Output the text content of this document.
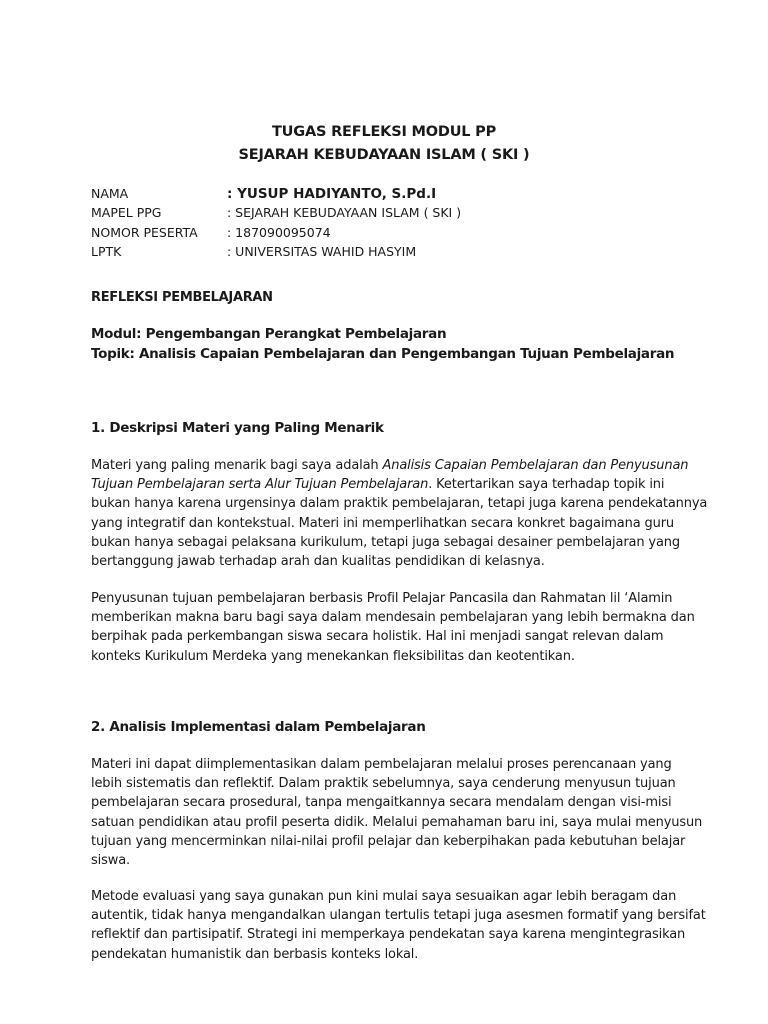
TUGAS REFLEKSI MODUL PP
SEJARAH KEBUDAYAAN ISLAM ( SKI )
NAMA	: YUSUP HADIYANTO, S.Pd.I
MAPEL PPG	: SEJARAH KEBUDAYAAN ISLAM ( SKI )
NOMOR PESERTA : 187090095074
LPTK	: UNIVERSITAS WAHID HASYIM
REFLEKSI PEMBELAJARAN
Modul: Pengembangan Perangkat Pembelajaran
Topik: Analisis Capaian Pembelajaran dan Pengembangan Tujuan Pembelajaran
1. Deskripsi Materi yang Paling Menarik
Materi yang paling menarik bagi saya adalah Analisis Capaian Pembelajaran dan Penyusunan
Tujuan Pembelajaran serta Alur Tujuan Pembelajaran. Ketertarikan saya terhadap topik ini
bukan hanya karena urgensinya dalam praktik pembelajaran, tetapi juga karena pendekatannya
yang integratif dan kontekstual. Materi ini memperlihatkan secara konkret bagaimana guru
bukan hanya sebagai pelaksana kurikulum, tetapi juga sebagai desainer pembelajaran yang
bertanggung jawab terhadap arah dan kualitas pendidikan di kelasnya.
Penyusunan tujuan pembelajaran berbasis Profil Pelajar Pancasila dan Rahmatan lil ‘Alamin
memberikan makna baru bagi saya dalam mendesain pembelajaran yang lebih bermakna dan
berpihak pada perkembangan siswa secara holistik. Hal ini menjadi sangat relevan dalam
konteks Kurikulum Merdeka yang menekankan fleksibilitas dan keotentikan.
2. Analisis Implementasi dalam Pembelajaran
Materi ini dapat diimplementasikan dalam pembelajaran melalui proses perencanaan yang
lebih sistematis dan reflektif. Dalam praktik sebelumnya, saya cenderung menyusun tujuan
pembelajaran secara prosedural, tanpa mengaitkannya secara mendalam dengan visi-misi
satuan pendidikan atau profil peserta didik. Melalui pemahaman baru ini, saya mulai menyusun
tujuan yang mencerminkan nilai-nilai profil pelajar dan keberpihakan pada kebutuhan belajar
siswa.
Metode evaluasi yang saya gunakan pun kini mulai saya sesuaikan agar lebih beragam dan
autentik, tidak hanya mengandalkan ulangan tertulis tetapi juga asesmen formatif yang bersifat
reflektif dan partisipatif. Strategi ini memperkaya pendekatan saya karena mengintegrasikan
pendekatan humanistik dan berbasis konteks lokal.
